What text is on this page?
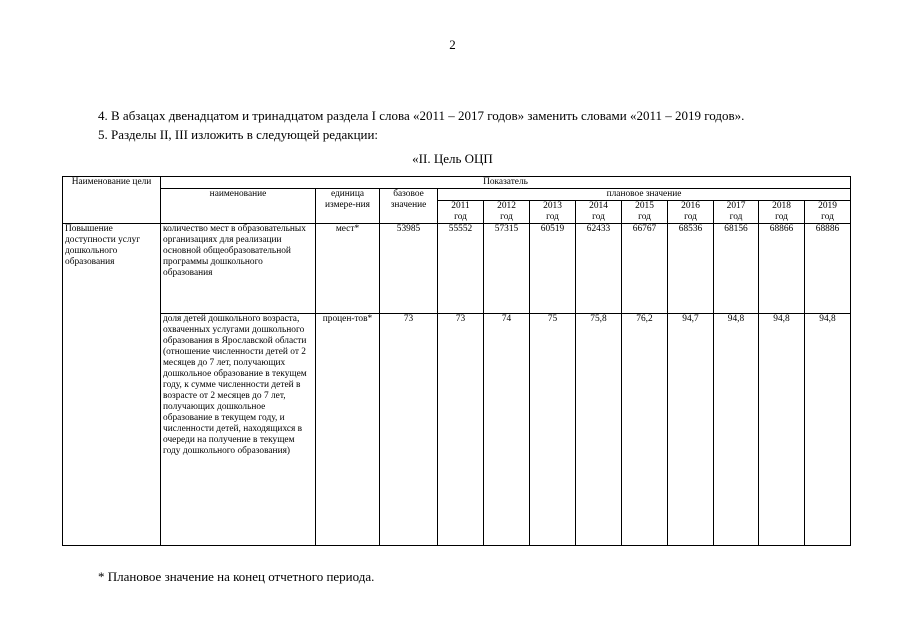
2
4. В абзацах двенадцатом и тринадцатом раздела I слова «2011 – 2017 годов» заменить словами «2011 – 2019 годов».
5. Разделы II, III изложить в следующей редакции:
«II. Цель ОЦП
Наименование цели	Показатель											
	наименование	единица измере-ния	базовое значение	плановое значение								
				2011	2012	2013	2014	2015	2016	2017	2018	2019
				год	год	год	год	год	год	год	год	год
Повышение доступности услуг дошкольного образования	количество мест в образовательных организациях для реализации основной общеобразовательной программы дошкольного образования	мест*	53985	55552	57315	60519	62433	66767	68536	68156	68866	68886
	доля детей дошкольного возраста, охваченных услугами дошкольного образования в Ярославской области (отношение численности детей от 2 месяцев до 7 лет, получающих дошкольное образование в текущем году, к сумме численности детей в возрасте от 2 месяцев до 7 лет, получающих дошкольное образование в текущем году, и численности детей, находящихся в очереди на получение в текущем году дошкольного образования)	процен-тов*	73	73	74	75	75,8	76,2	94,7	94,8	94,8	94,8
* Плановое значение на конец отчетного периода.
